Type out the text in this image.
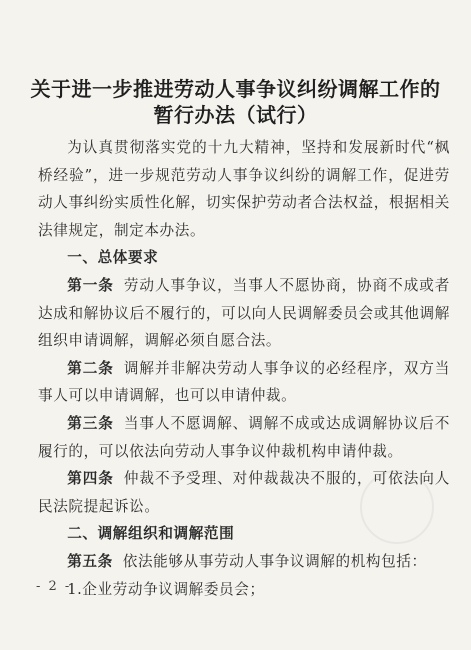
关于进一步推进劳动人事争议纠纷调解工作的
暂行办法（试行）

为认真贯彻落实党的十九大精神，坚持和发展新时代“枫桥经验”，进一步规范劳动人事争议纠纷的调解工作，促进劳动人事纠纷实质性化解，切实保护劳动者合法权益，根据相关法律规定，制定本办法。

一、总体要求

第一条 劳动人事争议，当事人不愿协商，协商不成或者达成和解协议后不履行的，可以向人民调解委员会或其他调解组织申请调解，调解必须自愿合法。

第二条 调解并非解决劳动人事争议的必经程序，双方当事人可以申请调解，也可以申请仲裁。

第三条 当事人不愿调解、调解不成或达成调解协议后不履行的，可以依法向劳动人事争议仲裁机构申请仲裁。

第四条 仲裁不予受理、对仲裁裁决不服的，可依法向人民法院提起诉讼。

二、调解组织和调解范围

第五条 依法能够从事劳动人事争议调解的机构包括：

1.企业劳动争议调解委员会；

- 2 -
